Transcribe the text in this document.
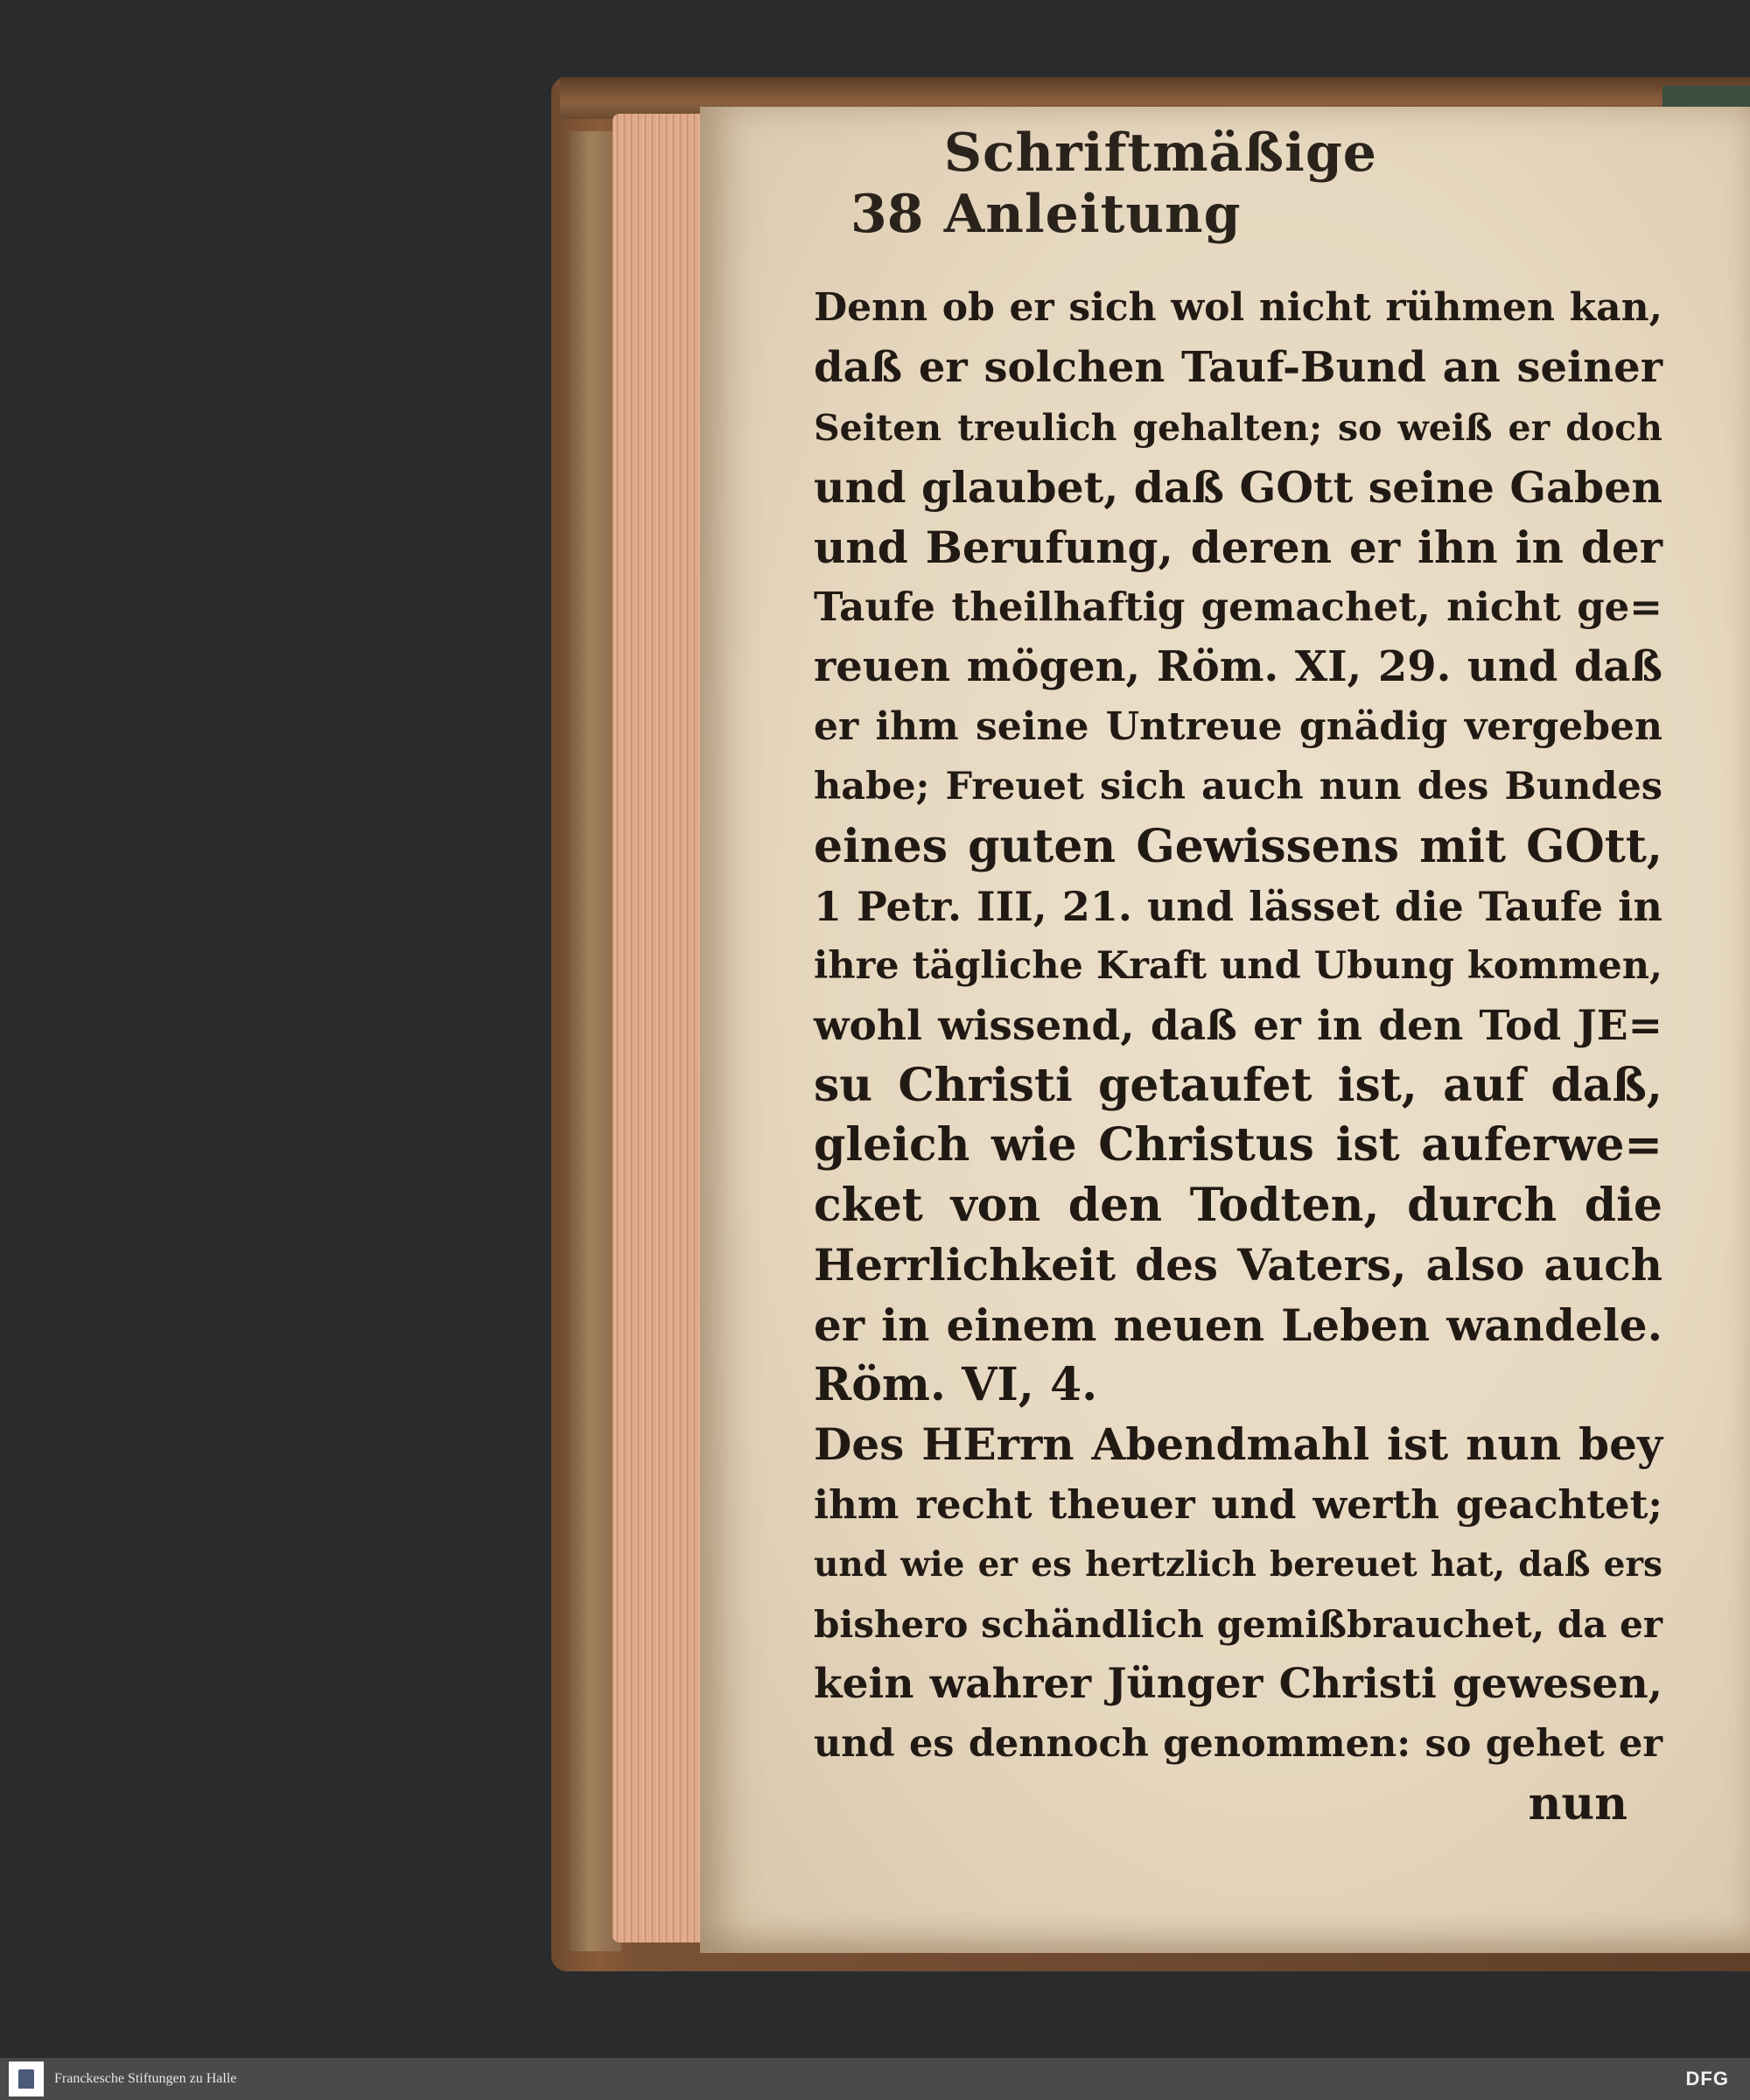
38
Schriftmäßige Anleitung
Denn ob er sich wol nicht rühmen kan,
daß er solchen Tauf-Bund an seiner
Seiten treulich gehalten; so weiß er doch
und glaubet, daß GOtt seine Gaben
und Berufung, deren er ihn in der
Taufe theilhaftig gemachet, nicht ge=
reuen mögen, Röm. XI, 29. und daß
er ihm seine Untreue gnädig vergeben
habe; Freuet sich auch nun des Bundes
eines guten Gewissens mit GOtt,
1 Petr. III, 21. und lässet die Taufe in
ihre tägliche Kraft und Ubung kommen,
wohl wissend, daß er in den Tod JE=
su Christi getaufet ist, auf daß,
gleich wie Christus ist auferwe=
cket von den Todten, durch die
Herrlichkeit des Vaters, also auch
er in einem neuen Leben wandele.
Röm. VI, 4.
Des HErrn Abendmahl ist nun bey
ihm recht theuer und werth geachtet;
und wie er es hertzlich bereuet hat, daß ers
bishero schändlich gemißbrauchet, da er
kein wahrer Jünger Christi gewesen,
und es dennoch genommen: so gehet er
nun
Franckesche Stiftungen zu Halle	DFG
